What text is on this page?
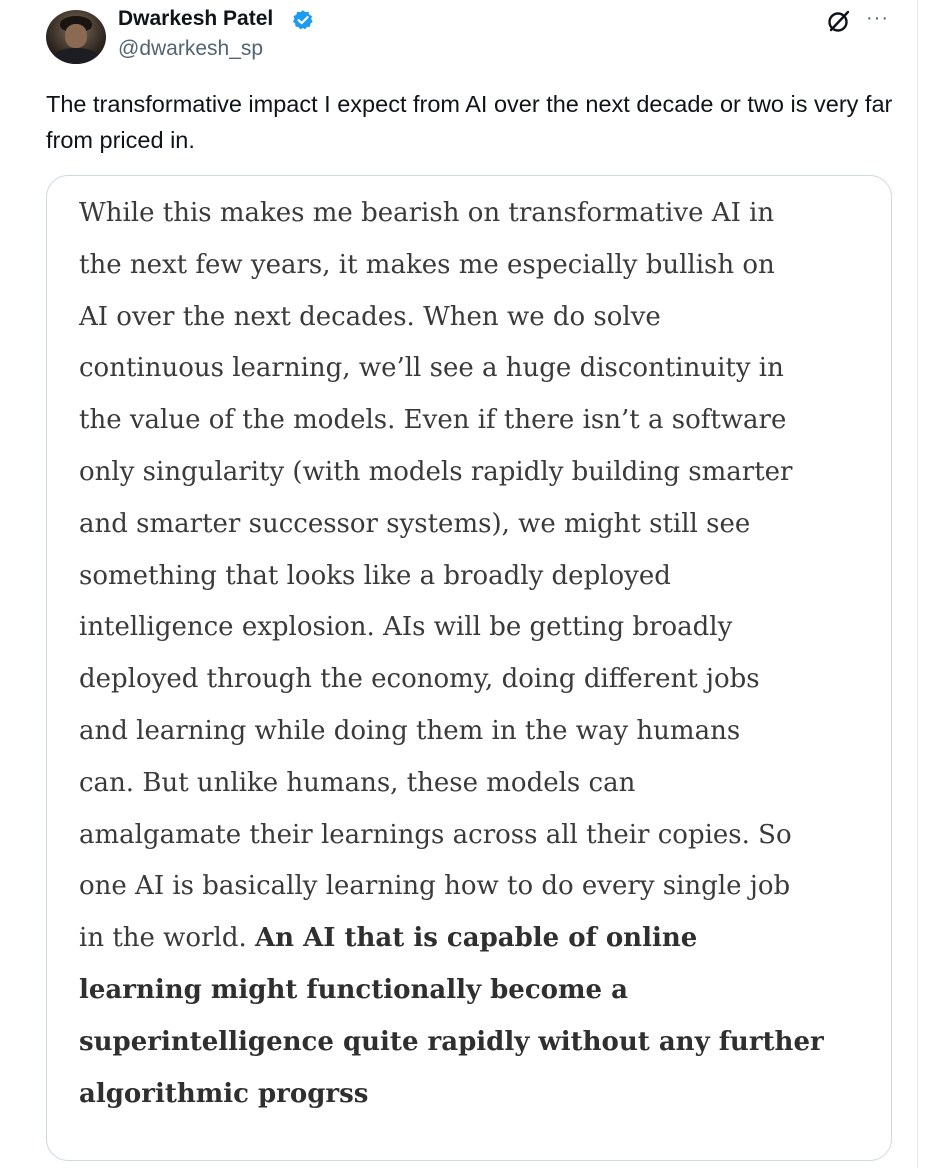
Dwarkesh Patel
@dwarkesh_sp
···

The transformative impact I expect from AI over the next decade or two is very far from priced in.

While this makes me bearish on transformative AI in
the next few years, it makes me especially bullish on
AI over the next decades. When we do solve
continuous learning, we’ll see a huge discontinuity in
the value of the models. Even if there isn’t a software
only singularity (with models rapidly building smarter
and smarter successor systems), we might still see
something that looks like a broadly deployed
intelligence explosion. AIs will be getting broadly
deployed through the economy, doing different jobs
and learning while doing them in the way humans
can. But unlike humans, these models can
amalgamate their learnings across all their copies. So
one AI is basically learning how to do every single job
in the world. An AI that is capable of online
learning might functionally become a
superintelligence quite rapidly without any further
algorithmic progrss
